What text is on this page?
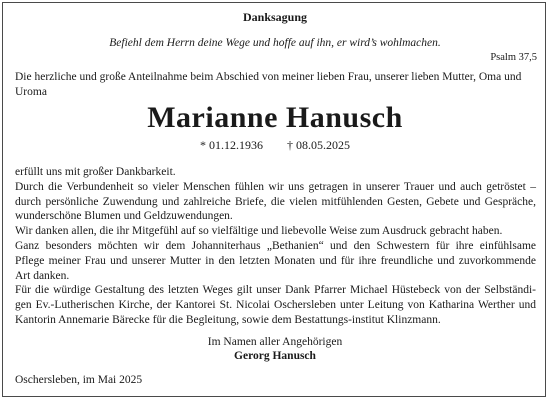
Danksagung
Befiehl dem Herrn deine Wege und hoffe auf ihn, er wird’s wohlmachen.
Psalm 37,5

Die herzliche und große Anteilnahme beim Abschied von meiner lieben Frau, unserer lieben Mutter, Oma und Uroma

Marianne Hanusch
* 01.12.1936 † 08.05.2025
erfüllt uns mit großer Dankbarkeit.
Durch die Verbundenheit so vieler Menschen fühlen wir uns getragen in unserer Trauer und auch getröstet –
durch persönliche Zuwendung und zahlreiche Briefe, die vielen mitfühlenden Gesten, Gebete und Gespräche,
wunderschöne Blumen und Geldzuwendungen.
Wir danken allen, die ihr Mitgefühl auf so vielfältige und liebevolle Weise zum Ausdruck gebracht haben.
Ganz besonders möchten wir dem Johanniterhaus „Bethanien“ und den Schwestern für ihre einfühlsame
Pflege meiner Frau und unserer Mutter in den letzten Monaten und für ihre freundliche und zuvorkommende
Art danken.
Für die würdige Gestaltung des letzten Weges gilt unser Dank Pfarrer Michael Hüstebeck von der Selbständi-
gen Ev.-Lutherischen Kirche, der Kantorei St. Nicolai Oschersleben unter Leitung von Katharina Werther und
Kantorin Annemarie Bärecke für die Begleitung, sowie dem Bestattungs-institut Klinzmann.
Im Namen aller Angehörigen
Gerorg Hanusch
Oschersleben, im Mai 2025
